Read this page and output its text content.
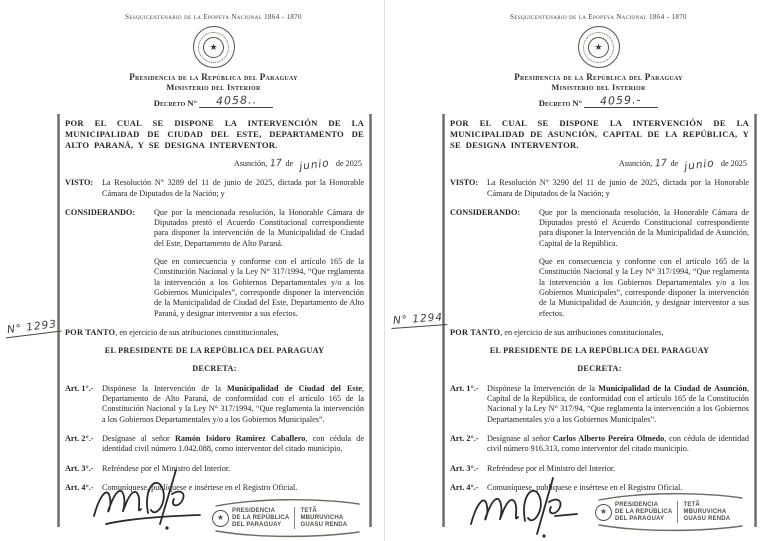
Sesquicentenario de la Epopeya Nacional 1864 - 1870
★
Presidencia de la República del Paraguay
Ministerio del Interior
Decreto N° 4058..
N° 1293

POR EL CUAL SE DISPONE LA INTERVENCIÓN DE LA MUNICIPALIDAD DE CIUDAD DEL ESTE, DEPARTAMENTO DE ALTO PARANÁ, Y SE DESIGNA INTERVENTOR.

Asunción, 17 de junio de 2025

VISTO: La Resolución N° 3289 del 11 de junio de 2025, dictada por la Honorable Cámara de Diputados de la Nación; y
CONSIDERANDO: Que por la mencionada resolución, la Honorable Cámara de Diputados prestó el Acuerdo Constitucional correspondiente para disponer la intervención de la Municipalidad de Ciudad del Este, Departamento de Alto Paraná.

Que en consecuencia y conforme con el artículo 165 de la Constitución Nacional y la Ley N° 317/1994, “Que reglamenta la intervención a los Gobiernos Departamentales y/o a los Gobiernos Municipales”, corresponde disponer la intervención de la Municipalidad de Ciudad del Este, Departamento de Alto Paraná, y designar interventor a sus efectos.

POR TANTO, en ejercicio de sus atribuciones constitucionales,

EL PRESIDENTE DE LA REPÚBLICA DEL PARAGUAY

DECRETA:

Art. 1°.- Dispónese la Intervención de la Municipalidad de Ciudad del Este, Departamento de Alto Paraná, de conformidad con el artículo 165 de la Constitución Nacional y la Ley N° 317/1994, “Que reglamenta la intervención a los Gobiernos Departamentales y/o a los Gobiernos Municipales”.
Art. 2°.- Desígnase al señor Ramón Isidoro Ramírez Caballero, con cédula de identidad civil número 1.042.088, como interventor del citado municipio.
Art. 3°.- Refréndese por el Ministro del Interior.
Art. 4°.- Comuníquese, publíquese e insértese en el Registro Oficial.
★
PRESIDENCIA
DE LA REPÚBLICA
DEL PARAGUAY
TETÃ
MBURUVICHA
GUASU RENDA
Sesquicentenario de la Epopeya Nacional 1864 - 1870
★
Presidencia de la República del Paraguay
Ministerio del Interior
Decreto N° 4059.-
N° 1294

POR EL CUAL SE DISPONE LA INTERVENCIÓN DE LA MUNICIPALIDAD DE ASUNCIÓN, CAPITAL DE LA REPÚBLICA, Y SE DESIGNA INTERVENTOR.

Asunción, 17 de junio de 2025

VISTO: La Resolución N° 3290 del 11 de junio de 2025, dictada por la Honorable Cámara de Diputados de la Nación; y
CONSIDERANDO: Que por la mencionada resolución, la Honorable Cámara de Diputados prestó el Acuerdo Constitucional correspondiente para disponer la Intervención de la Municipalidad de Asunción, Capital de la República.

Que en consecuencia y conforme con el artículo 165 de la Constitución Nacional y la Ley N° 317/1994, “Que reglamenta la intervención a los Gobiernos Departamentales y/o a los Gobiernos Municipales”, corresponde disponer la intervención de la Municipalidad de Asunción, y designar interventor a sus efectos.

POR TANTO, en ejercicio de sus atribuciones constitucionales,

EL PRESIDENTE DE LA REPÚBLICA DEL PARAGUAY

DECRETA:

Art. 1°.- Dispónese la Intervención de la Municipalidad de la Ciudad de Asunción, Capital de la República, de conformidad con el artículo 165 de la Constitución Nacional y la Ley N° 317/94, “Que reglamenta la intervención a los Gobiernos Departamentales y/o a los Gobiernos Municipales”.
Art. 2°.- Desígnase al señor Carlos Alberto Pereira Olmedo, con cédula de identidad civil número 916.313, como interventor del citado municipio.
Art. 3°.- Refréndese por el Ministro del Interior.
Art. 4°.- Comuníquese, publíquese e insértese en el Registro Oficial.
★
PRESIDENCIA
DE LA REPÚBLICA
DEL PARAGUAY
TETÃ
MBURUVICHA
GUASU RENDA
